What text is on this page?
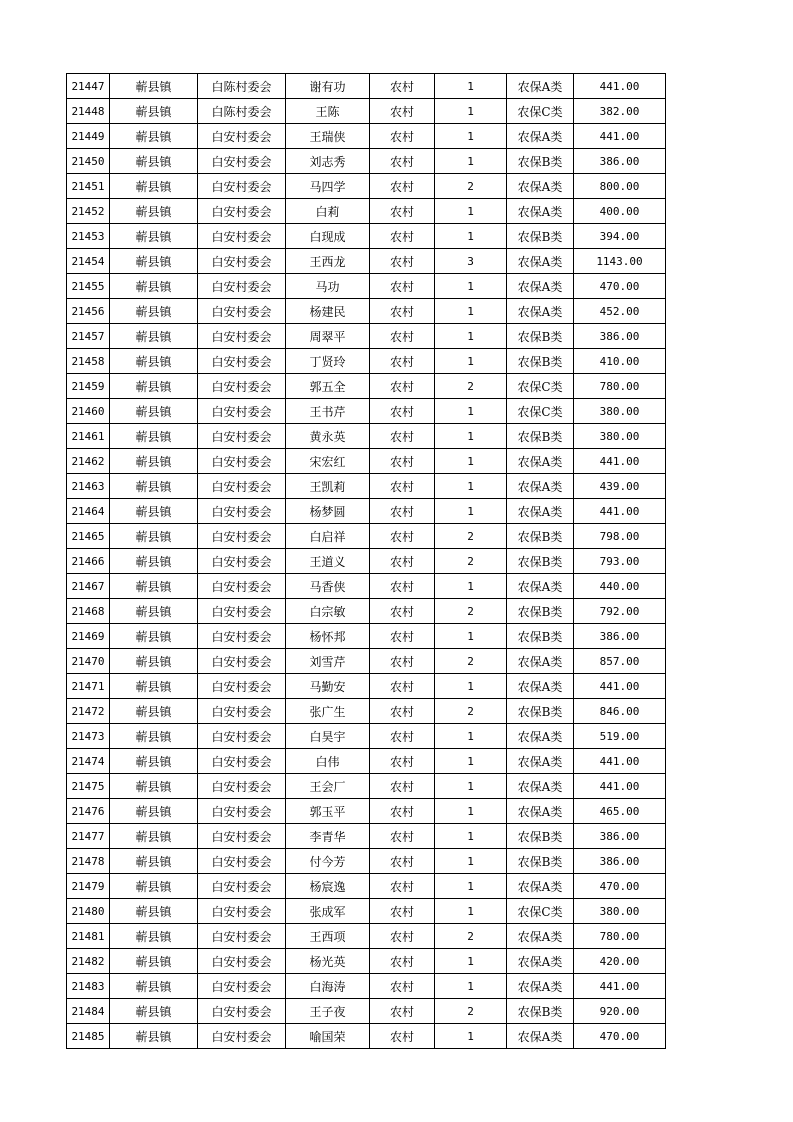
21447	蕲县镇	白陈村委会	谢有功	农村	1	农保A类	441.00
21448	蕲县镇	白陈村委会	王陈	农村	1	农保C类	382.00
21449	蕲县镇	白安村委会	王瑞侠	农村	1	农保A类	441.00
21450	蕲县镇	白安村委会	刘志秀	农村	1	农保B类	386.00
21451	蕲县镇	白安村委会	马四学	农村	2	农保A类	800.00
21452	蕲县镇	白安村委会	白莉	农村	1	农保A类	400.00
21453	蕲县镇	白安村委会	白现成	农村	1	农保B类	394.00
21454	蕲县镇	白安村委会	王西龙	农村	3	农保A类	1143.00
21455	蕲县镇	白安村委会	马功	农村	1	农保A类	470.00
21456	蕲县镇	白安村委会	杨建民	农村	1	农保A类	452.00
21457	蕲县镇	白安村委会	周翠平	农村	1	农保B类	386.00
21458	蕲县镇	白安村委会	丁贤玲	农村	1	农保B类	410.00
21459	蕲县镇	白安村委会	郭五全	农村	2	农保C类	780.00
21460	蕲县镇	白安村委会	王书芹	农村	1	农保C类	380.00
21461	蕲县镇	白安村委会	黄永英	农村	1	农保B类	380.00
21462	蕲县镇	白安村委会	宋宏红	农村	1	农保A类	441.00
21463	蕲县镇	白安村委会	王凯莉	农村	1	农保A类	439.00
21464	蕲县镇	白安村委会	杨梦圆	农村	1	农保A类	441.00
21465	蕲县镇	白安村委会	白启祥	农村	2	农保B类	798.00
21466	蕲县镇	白安村委会	王道义	农村	2	农保B类	793.00
21467	蕲县镇	白安村委会	马香侠	农村	1	农保A类	440.00
21468	蕲县镇	白安村委会	白宗敏	农村	2	农保B类	792.00
21469	蕲县镇	白安村委会	杨怀邦	农村	1	农保B类	386.00
21470	蕲县镇	白安村委会	刘雪芹	农村	2	农保A类	857.00
21471	蕲县镇	白安村委会	马勤安	农村	1	农保A类	441.00
21472	蕲县镇	白安村委会	张广生	农村	2	农保B类	846.00
21473	蕲县镇	白安村委会	白昊宇	农村	1	农保A类	519.00
21474	蕲县镇	白安村委会	白伟	农村	1	农保A类	441.00
21475	蕲县镇	白安村委会	王会厂	农村	1	农保A类	441.00
21476	蕲县镇	白安村委会	郭玉平	农村	1	农保A类	465.00
21477	蕲县镇	白安村委会	李青华	农村	1	农保B类	386.00
21478	蕲县镇	白安村委会	付今芳	农村	1	农保B类	386.00
21479	蕲县镇	白安村委会	杨宸逸	农村	1	农保A类	470.00
21480	蕲县镇	白安村委会	张成军	农村	1	农保C类	380.00
21481	蕲县镇	白安村委会	王西项	农村	2	农保A类	780.00
21482	蕲县镇	白安村委会	杨光英	农村	1	农保A类	420.00
21483	蕲县镇	白安村委会	白海涛	农村	1	农保A类	441.00
21484	蕲县镇	白安村委会	王子夜	农村	2	农保B类	920.00
21485	蕲县镇	白安村委会	喻国荣	农村	1	农保A类	470.00
